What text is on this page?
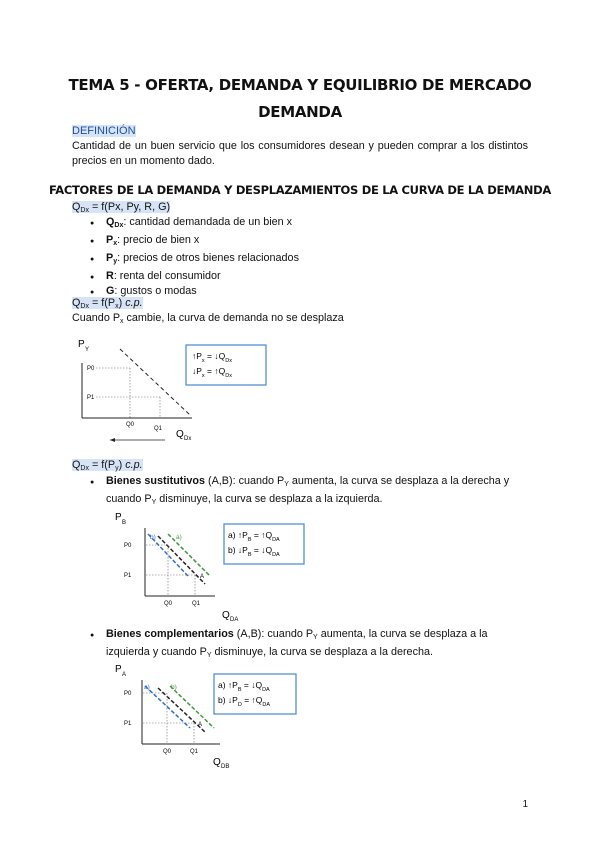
TEMA 5 - OFERTA, DEMANDA Y EQUILIBRIO DE MERCADO
DEMANDA
DEFINICIÓN
Cantidad de un buen servicio que los consumidores desean y pueden comprar a los distintos precios en un momento dado.
FACTORES DE LA DEMANDA Y DESPLAZAMIENTOS DE LA CURVA DE LA DEMANDA
$Q_{Dx} = f(Px$, Py, R, G)
● $Q_{Dx}$: cantidad demandada de un bien x
● $P_x$: precio de bien x
● $P_y$: precios de otros bienes relacionados
● R: renta del consumidor
● G: gustos o modas
$Q_{Dx} = f(P_x)$ c.p.
Cuando $P_x$ cambie, la curva de demanda no se desplaza
P Y
P0
P1
Q0
Q1 Q Dx
$↑P_x$ = $↓Q_{Dx}$
$↓P_x$ = $↑Q_{Dx}$
$Q_{Dx} = f(P_y)$ c.p.
● Bienes sustitutivos (A,B): cuando $P_Y$ aumenta, la curva se desplaza a la derecha y cuando $P_Y$ disminuye, la curva se desplaza a la izquierda.
P B
b)	a)
A
P0
P1
Q0	Q1
Q DA
a) $↑P_B$ = $↑Q_{DA}$
b) $↓P_B$ = $↓Q_{DA}$
● Bienes complementarios (A,B): cuando $P_Y$ aumenta, la curva se desplaza a la izquierda y cuando $P_Y$ disminuye, la curva se desplaza a la derecha.
P A
a)	b)
A
P0
P1
Q0	Q1
Q DB
a) $↑P_B$ = $↓Q_{DA}$
b) $↓P_D$ = $↑Q_{DA}$
1
